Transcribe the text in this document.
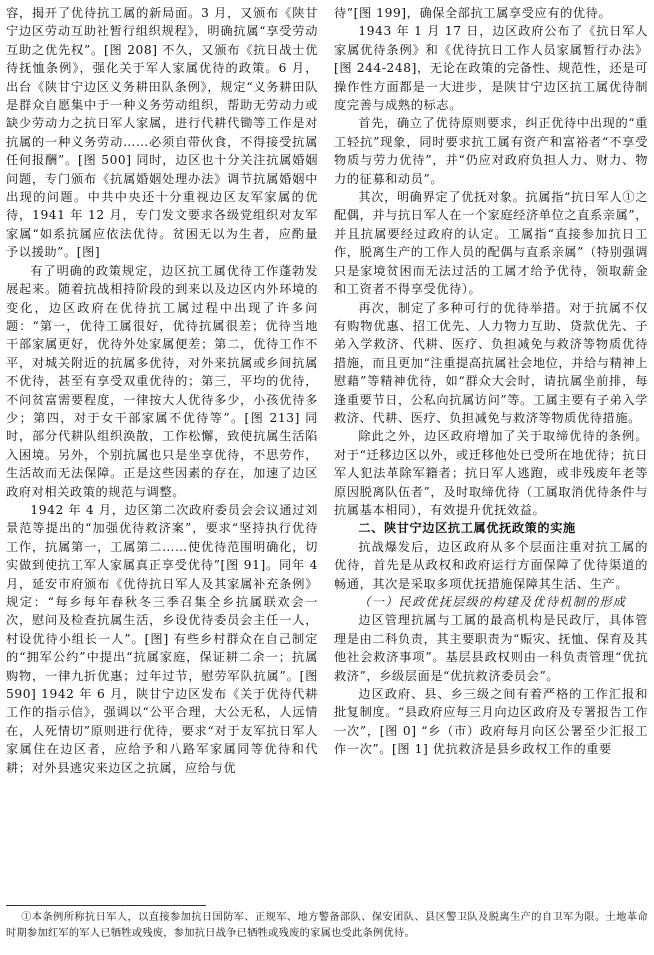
容，揭开了优待抗工属的新局面。3 月，又颁布《陕甘宁边区劳动互助社暂行组织规程》，明确抗属“享受劳动互助之优先权”。[图 208] 不久，又颁布《抗日战士优待抚恤条例》，强化关于军人家属优待的政策。6 月，出台《陕甘宁边区义务耕田队条例》，规定“义务耕田队是群众自愿集中于一种义务劳动组织，帮助无劳动力或缺少劳动力之抗日军人家属，进行代耕代锄等工作是对抗属的一种义务劳动……必须自带伙食，不得接受抗属任何报酬”。[图 500] 同时，边区也十分关注抗属婚姻问题，专门颁布《抗属婚姻处理办法》调节抗属婚姻中出现的问题。中共中央还十分重视边区友军家属的优待，1941 年 12 月，专门发文要求各级党组织对友军家属“如系抗属应依法优待。贫困无以为生者，应酌量予以援助”。[图]

有了明确的政策规定，边区抗工属优待工作蓬勃发展起来。随着抗战相持阶段的到来以及边区内外环境的变化，边区政府在优待抗工属过程中出现了许多问题：“第一，优待工属很好，优待抗属很差；优待当地干部家属更好，优待外处家属便差；第二，优待工作不平，对城关附近的抗属多优待，对外来抗属或乡间抗属不优待，甚至有享受双重优待的；第三，平均的优待，不问贫富需要程度，一律按大人优待多少，小孩优待多少；第四，对于女干部家属不优待等”。[图 213] 同时，部分代耕队组织涣散，工作松懈，致使抗属生活陷入困境。另外，个别抗属也只是坐享优待，不思劳作，生活故而无法保障。正是这些因素的存在，加速了边区政府对相关政策的规范与调整。

1942 年 4 月，边区第二次政府委员会会议通过刘景范等提出的“加强优待救济案”，要求“坚持执行优待工作，抗属第一，工属第二……使优待范围明确化，切实做到使抗工军人家属真正享受优待”[图 91]。同年 4 月，延安市府颁布《优待抗日军人及其家属补充条例》规定：“每乡每年春秋冬三季召集全乡抗属联欢会一次，慰问及检查抗属生活，乡设优待委员会主任一人，村设优待小组长一人”。[图] 有些乡村群众在自己制定的“拥军公约”中提出“抗属家庭，保证耕二余一；抗属购物，一律九折优惠；过年过节，慰劳军队抗属”。[图 590] 1942 年 6 月，陕甘宁边区发布《关于优待代耕工作的指示信》，强调以“公平合理，大公无私，人远情在，人死情切”原则进行优待，要求“对于友军抗日军人家属住在边区者，应给予和八路军家属同等优待和代耕；对外县逃灾来边区之抗属，应给与优

待”[图 199]，确保全部抗工属享受应有的优待。

1943 年 1 月 17 日，边区政府公布了《抗日军人家属优待条例》和《优待抗日工作人员家属暂行办法》[图 244-248]，无论在政策的完备性、规范性，还是可操作性方面都是一大进步，是陕甘宁边区抗工属优待制度完善与成熟的标志。

首先，确立了优待原则要求，纠正优待中出现的“重工轻抗”现象，同时要求抗工属有资产和富裕者“不享受物质与劳力优待”，并“仍应对政府负担人力、财力、物力的征募和动员”。

其次，明确界定了优抚对象。抗属指“抗日军人①之配偶，并与抗日军人在一个家庭经济单位之直系亲属”，并且抗属要经过政府的认定。工属指“直接参加抗日工作，脱离生产的工作人员的配偶与直系亲属”（特别强调只是家境贫困而无法过活的工属才给予优待，领取薪金和工资者不得享受优待）。

再次，制定了多种可行的优待举措。对于抗属不仅有购物优惠、招工优先、人力物力互助、贷款优先、子弟入学救济、代耕、医疗、负担减免与救济等物质优待措施，而且更加“注重提高抗属社会地位，并给与精神上慰藉”等精神优待，如“群众大会时，请抗属坐前排，每逢重要节日，公私向抗属访问”等。工属主要有子弟入学救济、代耕、医疗、负担减免与救济等物质优待措施。

除此之外，边区政府增加了关于取缔优待的条例。对于“迁移边区以外，或迁移他处已受所在地优待；抗日军人犯法革除军籍者；抗日军人逃跑，或非残废年老等原因脱离队伍者”，及时取缔优待（工属取消优待条件与抗属基本相同），有效提升优抚效益。

二、陕甘宁边区抗工属优抚政策的实施

抗战爆发后，边区政府从多个层面注重对抗工属的优待，首先是从政权和政府运行方面保障了优待渠道的畅通，其次是采取多项优抚措施保障其生活、生产。

（一）民政优抚层级的构建及优待机制的形成

边区管理抗属与工属的最高机构是民政厅，具体管理是由二科负责，其主要职责为“赈灾、抚恤、保育及其他社会救济事项”。基层县政权则由一科负责管理“优抗救济”，乡级层面是“优抗救济委员会”。

边区政府、县、乡三级之间有着严格的工作汇报和批复制度。“县政府应每三月向边区政府及专署报告工作一次”，[图 0] “乡（市）政府每月向区公署至少汇报工作一次”。[图 1] 优抗救济是县乡政权工作的重要

①本条例所称抗日军人，以直接参加抗日国防军、正规军、地方警备部队、保安团队、县区警卫队及脱离生产的自卫军为限。土地革命时期参加红军的军人已牺牲或残废，参加抗日战争已牺牲或残废的家属也受此条例优待。
